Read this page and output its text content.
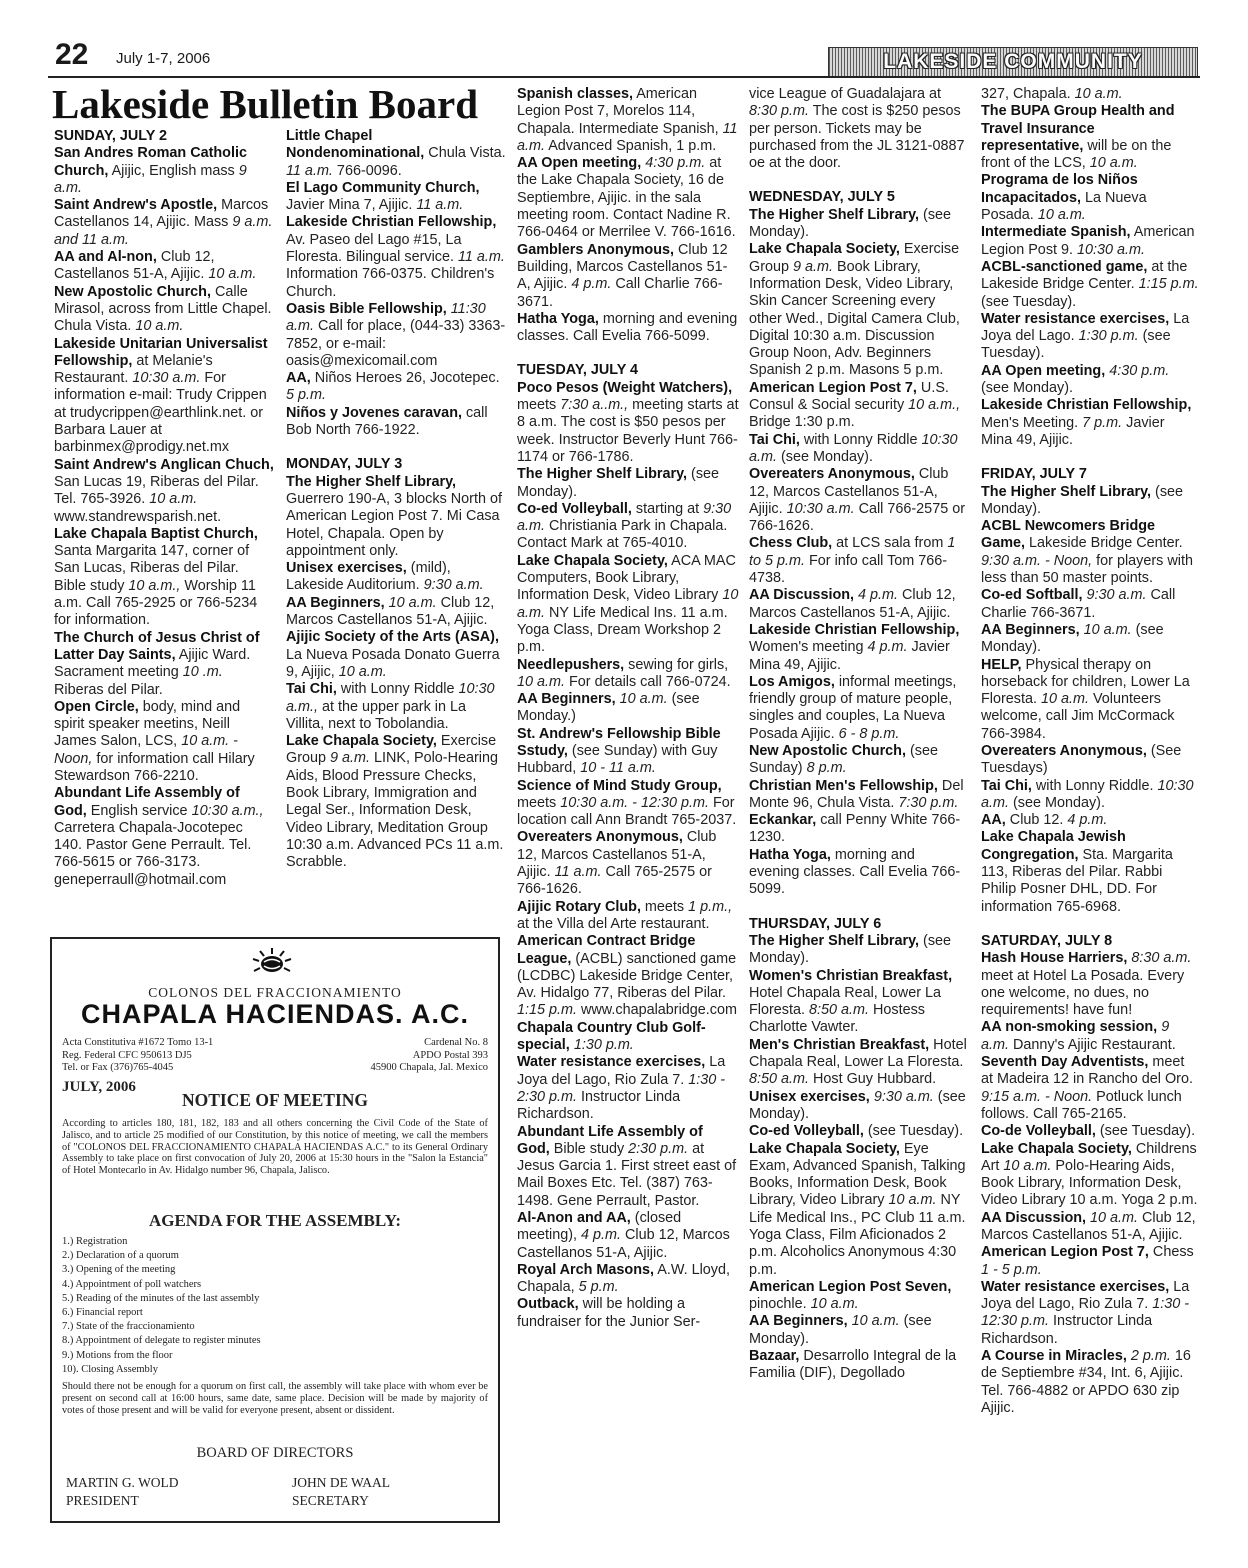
22 July 1-7, 2006	LAKESIDE COMMUNITY
Lakeside Bulletin Board

SUNDAY, JULY 2

San Andres Roman Catholic Church, Ajijic, English mass 9 a.m.

Saint Andrew's Apostle, Marcos Castellanos 14, Ajijic. Mass 9 a.m. and 11 a.m.

AA and Al-non, Club 12, Castellanos 51-A, Ajijic. 10 a.m.

New Apostolic Church, Calle Mirasol, across from Little Chapel. Chula Vista. 10 a.m.

Lakeside Unitarian Universalist Fellowship, at Melanie's Restaurant. 10:30 a.m. For information e-mail: Trudy Crippen at trudycrippen@earthlink.net. or Barbara Lauer at barbinmex@prodigy.net.mx

Saint Andrew's Anglican Chuch, San Lucas 19, Riberas del Pilar. Tel. 765-3926. 10 a.m. www.standrewsparish.net.

Lake Chapala Baptist Church, Santa Margarita 147, corner of San Lucas, Riberas del Pilar. Bible study 10 a.m., Worship 11 a.m. Call 765-2925 or 766-5234 for information.

The Church of Jesus Christ of Latter Day Saints, Ajijic Ward. Sacrament meeting 10 .m. Riberas del Pilar.

Open Circle, body, mind and spirit speaker meetins, Neill James Salon, LCS, 10 a.m. - Noon, for information call Hilary Stewardson 766-2210.

Abundant Life Assembly of God, English service 10:30 a.m., Carretera Chapala-Jocotepec 140. Pastor Gene Perrault. Tel. 766-5615 or 766-3173. geneperraull@hotmail.com

Little Chapel Nondenominational, Chula Vista. 11 a.m. 766-0096.

El Lago Community Church, Javier Mina 7, Ajijic. 11 a.m.

Lakeside Christian Fellowship, Av. Paseo del Lago #15, La Floresta. Bilingual service. 11 a.m. Information 766-0375. Children's Church.

Oasis Bible Fellowship, 11:30 a.m. Call for place, (044-33) 3363-7852, or e-mail: oasis@mexicomail.com

AA, Niños Heroes 26, Jocotepec. 5 p.m.

Niños y Jovenes caravan, call Bob North 766-1922.

MONDAY, JULY 3

The Higher Shelf Library, Guerrero 190-A, 3 blocks North of American Legion Post 7. Mi Casa Hotel, Chapala. Open by appointment only.

Unisex exercises, (mild), Lakeside Auditorium. 9:30 a.m.

AA Beginners, 10 a.m. Club 12, Marcos Castellanos 51-A, Ajijic.

Ajijic Society of the Arts (ASA), La Nueva Posada Donato Guerra 9, Ajijic, 10 a.m.

Tai Chi, with Lonny Riddle 10:30 a.m., at the upper park in La Villita, next to Tobolandia.

Lake Chapala Society, Exercise Group 9 a.m. LINK, Polo-Hearing Aids, Blood Pressure Checks, Book Library, Immigration and Legal Ser., Information Desk, Video Library, Meditation Group 10:30 a.m. Advanced PCs 11 a.m. Scrabble.

Spanish classes, American Legion Post 7, Morelos 114, Chapala. Intermediate Spanish, 11 a.m. Advanced Spanish, 1 p.m.

AA Open meeting, 4:30 p.m. at the Lake Chapala Society, 16 de Septiembre, Ajijic. in the sala meeting room. Contact Nadine R. 766-0464 or Merrilee V. 766-1616.

Gamblers Anonymous, Club 12 Building, Marcos Castellanos 51-A, Ajijic. 4 p.m. Call Charlie 766-3671.

Hatha Yoga, morning and evening classes. Call Evelia 766-5099.

TUESDAY, JULY 4

Poco Pesos (Weight Watchers), meets 7:30 a..m., meeting starts at 8 a.m. The cost is $50 pesos per week. Instructor Beverly Hunt 766-1174 or 766-1786.

The Higher Shelf Library, (see Monday).

Co-ed Volleyball, starting at 9:30 a.m. Christiania Park in Chapala. Contact Mark at 765-4010.

Lake Chapala Society, ACA MAC Computers, Book Library, Information Desk, Video Library 10 a.m. NY Life Medical Ins. 11 a.m. Yoga Class, Dream Workshop 2 p.m.

Needlepushers, sewing for girls, 10 a.m. For details call 766-0724.

AA Beginners, 10 a.m. (see Monday.)

St. Andrew's Fellowship Bible Sstudy, (see Sunday) with Guy Hubbard, 10 - 11 a.m.

Science of Mind Study Group, meets 10:30 a.m. - 12:30 p.m. For location call Ann Brandt 765-2037.

Overeaters Anonymous, Club 12, Marcos Castellanos 51-A, Ajijic. 11 a.m. Call 765-2575 or 766-1626.

Ajijic Rotary Club, meets 1 p.m., at the Villa del Arte restaurant.

American Contract Bridge League, (ACBL) sanctioned game (LCDBC) Lakeside Bridge Center, Av. Hidalgo 77, Riberas del Pilar. 1:15 p.m. www.chapalabridge.com

Chapala Country Club Golf-special, 1:30 p.m.

Water resistance exercises, La Joya del Lago, Rio Zula 7. 1:30 - 2:30 p.m. Instructor Linda Richardson.

Abundant Life Assembly of God, Bible study 2:30 p.m. at Jesus Garcia 1. First street east of Mail Boxes Etc. Tel. (387) 763-1498. Gene Perrault, Pastor.

Al-Anon and AA, (closed meeting), 4 p.m. Club 12, Marcos Castellanos 51-A, Ajijic.

Royal Arch Masons, A.W. Lloyd, Chapala, 5 p.m.

Outback, will be holding a fundraiser for the Junior Ser-

vice League of Guadalajara at 8:30 p.m. The cost is $250 pesos per person. Tickets may be purchased from the JL 3121-0887 oe at the door.

WEDNESDAY, JULY 5

The Higher Shelf Library, (see Monday).

Lake Chapala Society, Exercise Group 9 a.m. Book Library, Information Desk, Video Library, Skin Cancer Screening every other Wed., Digital Camera Club, Digital 10:30 a.m. Discussion Group Noon, Adv. Beginners Spanish 2 p.m. Masons 5 p.m.

American Legion Post 7, U.S. Consul & Social security 10 a.m., Bridge 1:30 p.m.

Tai Chi, with Lonny Riddle 10:30 a.m. (see Monday).

Overeaters Anonymous, Club 12, Marcos Castellanos 51-A, Ajijic. 10:30 a.m. Call 766-2575 or 766-1626.

Chess Club, at LCS sala from 1 to 5 p.m. For info call Tom 766-4738.

AA Discussion, 4 p.m. Club 12, Marcos Castellanos 51-A, Ajijic.

Lakeside Christian Fellowship, Women's meeting 4 p.m. Javier Mina 49, Ajijic.

Los Amigos, informal meetings, friendly group of mature people, singles and couples, La Nueva Posada Ajijic. 6 - 8 p.m.

New Apostolic Church, (see Sunday) 8 p.m.

Christian Men's Fellowship, Del Monte 96, Chula Vista. 7:30 p.m.

Eckankar, call Penny White 766-1230.

Hatha Yoga, morning and evening classes. Call Evelia 766-5099.

THURSDAY, JULY 6

The Higher Shelf Library, (see Monday).

Women's Christian Breakfast, Hotel Chapala Real, Lower La Floresta. 8:50 a.m. Hostess Charlotte Vawter.

Men's Christian Breakfast, Hotel Chapala Real, Lower La Floresta. 8:50 a.m. Host Guy Hubbard.

Unisex exercises, 9:30 a.m. (see Monday).

Co-ed Volleyball, (see Tuesday).

Lake Chapala Society, Eye Exam, Advanced Spanish, Talking Books, Information Desk, Book Library, Video Library 10 a.m. NY Life Medical Ins., PC Club 11 a.m. Yoga Class, Film Aficionados 2 p.m. Alcoholics Anonymous 4:30 p.m.

American Legion Post Seven, pinochle. 10 a.m.

AA Beginners, 10 a.m. (see Monday).

Bazaar, Desarrollo Integral de la Familia (DIF), Degollado

327, Chapala. 10 a.m.

The BUPA Group Health and Travel Insurance representative, will be on the front of the LCS, 10 a.m.

Programa de los Niños Incapacitados, La Nueva Posada. 10 a.m.

Intermediate Spanish, American Legion Post 9. 10:30 a.m.

ACBL-sanctioned game, at the Lakeside Bridge Center. 1:15 p.m. (see Tuesday).

Water resistance exercises, La Joya del Lago. 1:30 p.m. (see Tuesday).

AA Open meeting, 4:30 p.m. (see Monday).

Lakeside Christian Fellowship, Men's Meeting. 7 p.m. Javier Mina 49, Ajijic.

FRIDAY, JULY 7

The Higher Shelf Library, (see Monday).

ACBL Newcomers Bridge Game, Lakeside Bridge Center. 9:30 a.m. - Noon, for players with less than 50 master points.

Co-ed Softball, 9:30 a.m. Call Charlie 766-3671.

AA Beginners, 10 a.m. (see Monday).

HELP, Physical therapy on horseback for children, Lower La Floresta. 10 a.m. Volunteers welcome, call Jim McCormack 766-3984.

Overeaters Anonymous, (See Tuesdays)

Tai Chi, with Lonny Riddle. 10:30 a.m. (see Monday).

AA, Club 12. 4 p.m.

Lake Chapala Jewish Congregation, Sta. Margarita 113, Riberas del Pilar. Rabbi Philip Posner DHL, DD. For information 765-6968.

SATURDAY, JULY 8

Hash House Harriers, 8:30 a.m. meet at Hotel La Posada. Every one welcome, no dues, no requirements! have fun!

AA non-smoking session, 9 a.m. Danny's Ajijic Restaurant.

Seventh Day Adventists, meet at Madeira 12 in Rancho del Oro. 9:15 a.m. - Noon. Potluck lunch follows. Call 765-2165.

Co-de Volleyball, (see Tuesday).

Lake Chapala Society, Childrens Art 10 a.m. Polo-Hearing Aids, Book Library, Information Desk, Video Library 10 a.m. Yoga 2 p.m.

AA Discussion, 10 a.m. Club 12, Marcos Castellanos 51-A, Ajijic.

American Legion Post 7, Chess 1 - 5 p.m.

Water resistance exercises, La Joya del Lago, Rio Zula 7. 1:30 - 12:30 p.m. Instructor Linda Richardson.

A Course in Miracles, 2 p.m. 16 de Septiembre #34, Int. 6, Ajijic. Tel. 766-4882 or APDO 630 zip Ajijic.

COLONOS DEL FRACCIONAMIENTO
CHAPALA HACIENDAS. A.C.
Acta Constitutiva #1672 Tomo 13-1
Reg. Federal CFC 950613 DJ5
Tel. or Fax (376)765-4045
Cardenal No. 8
APDO Postal 393
45900 Chapala, Jal. Mexico
JULY, 2006
NOTICE OF MEETING
According to articles 180, 181, 182, 183 and all others concerning the Civil Code of the State of Jalisco, and to article 25 modified of our Constitution, by this notice of meeting, we call the members of "COLONOS DEL FRACCIONAMIENTO CHAPALA HACIENDAS A.C." to its General Ordinary Assembly to take place on first convocation of July 20, 2006 at 15:30 hours in the "Salon la Estancia" of Hotel Montecarlo in Av. Hidalgo number 96, Chapala, Jalisco.
AGENDA FOR THE ASSEMBLY:
1.) Registration
2.) Declaration of a quorum
3.) Opening of the meeting
4.) Appointment of poll watchers
5.) Reading of the minutes of the last assembly
6.) Financial report
7.) State of the fraccionamiento
8.) Appointment of delegate to register minutes
9.) Motions from the floor
10). Closing Assembly
Should there not be enough for a quorum on first call, the assembly will take place with whom ever be present on second call at 16:00 hours, same date, same place. Decision will be made by majority of votes of those present and will be valid for everyone present, absent or dissident.
BOARD OF DIRECTORS
MARTIN G. WOLD
PRESIDENT
JOHN DE WAAL
SECRETARY
